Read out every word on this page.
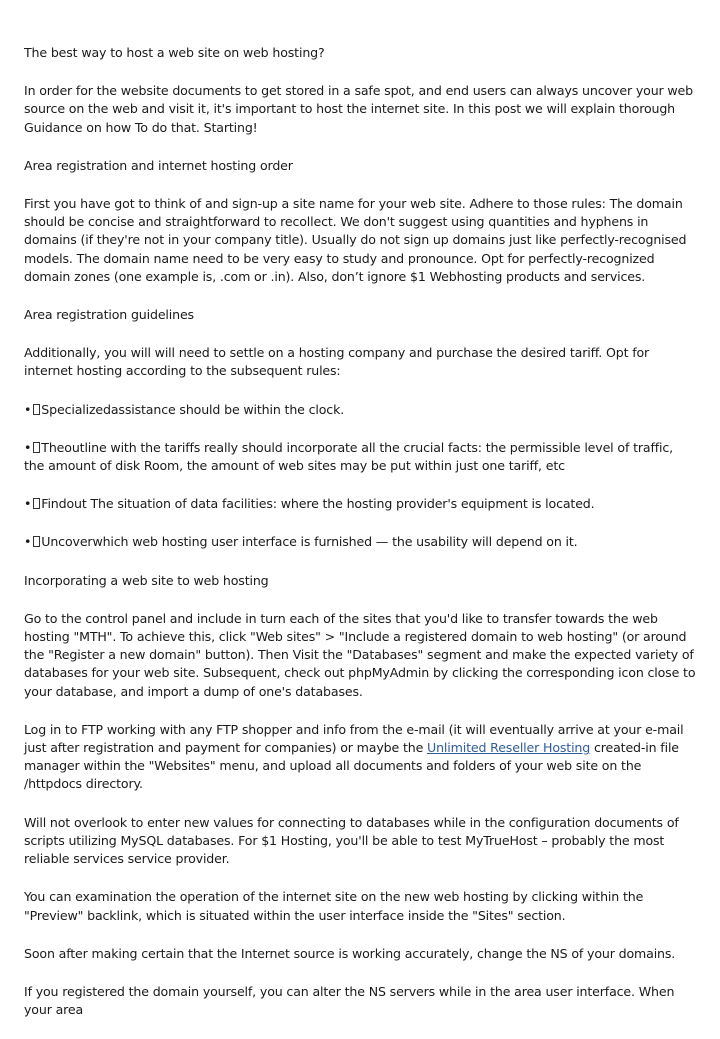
The best way to host a web site on web hosting?

In order for the website documents to get stored in a safe spot, and end users can always uncover your web source on the web and visit it, it's important to host the internet site. In this post we will explain thorough Guidance on how To do that. Starting!

Area registration and internet hosting order

First you have got to think of and sign-up a site name for your web site. Adhere to those rules: The domain should be concise and straightforward to recollect. We don't suggest using quantities and hyphens in domains (if they're not in your company title). Usually do not sign up domains just like perfectly-recognised models. The domain name need to be very easy to study and pronounce. Opt for perfectly-recognized domain zones (one example is, .com or .in). Also, don’t ignore $1 Webhosting products and services.

Area registration guidelines

Additionally, you will will need to settle on a hosting company and purchase the desired tariff. Opt for internet hosting according to the subsequent rules:

• Specializedassistance should be within the clock.

• Theoutline with the tariffs really should incorporate all the crucial facts: the permissible level of traffic, the amount of disk Room, the amount of web sites may be put within just one tariff, etc

• Findout The situation of data facilities: where the hosting provider's equipment is located.

• Uncoverwhich web hosting user interface is furnished — the usability will depend on it.

Incorporating a web site to web hosting

Go to the control panel and include in turn each of the sites that you'd like to transfer towards the web hosting "MTH". To achieve this, click "Web sites" > "Include a registered domain to web hosting" (or around the "Register a new domain" button). Then Visit the "Databases" segment and make the expected variety of databases for your web site. Subsequent, check out phpMyAdmin by clicking the corresponding icon close to your database, and import a dump of one's databases.

Log in to FTP working with any FTP shopper and info from the e-mail (it will eventually arrive at your e-mail just after registration and payment for companies) or maybe the Unlimited Reseller Hosting created-in file manager within the "Websites" menu, and upload all documents and folders of your web site on the /httpdocs directory.

Will not overlook to enter new values for connecting to databases while in the configuration documents of scripts utilizing MySQL databases. For $1 Hosting, you'll be able to test MyTrueHost – probably the most reliable services service provider.

You can examination the operation of the internet site on the new web hosting by clicking within the "Preview" backlink, which is situated within the user interface inside the "Sites" section.

Soon after making certain that the Internet source is working accurately, change the NS of your domains.

If you registered the domain yourself, you can alter the NS servers while in the area user interface. When your area
